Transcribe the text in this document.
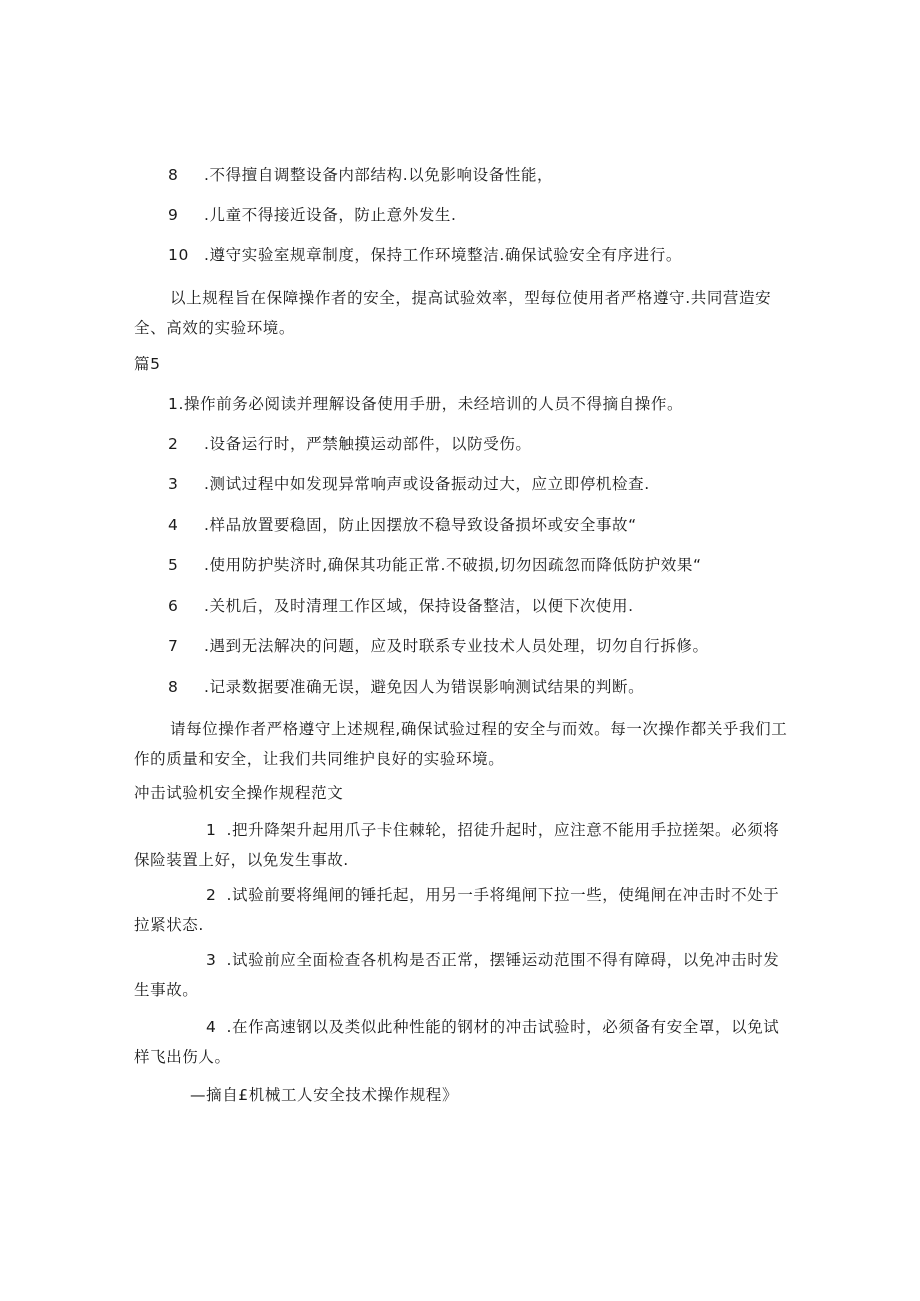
8 .不得擅自调整设备内部结构.以免影响设备性能，
9 .儿童不得接近设备，防止意外发生.
10 .遵守实验室规章制度，保持工作环境整洁.确保试验安全有序进行。
以上规程旨在保障操作者的安全，提高试验效率，型每位使用者严格遵守.共同营造安全、高效的实验环境。
篇5
1.操作前务必阅读并理解设备使用手册，未经培训的人员不得摘自操作。
2 .设备运行时，严禁触摸运动部件，以防受伤。
3 .测试过程中如发现异常响声或设备振动过大，应立即停机检查.
4 .样品放置要稳固，防止因摆放不稳导致设备损坏或安全事故“
5 .使用防护奘济时,确保其功能正常.不破损,切勿因疏忽而降低防护效果“
6 .关机后，及时清理工作区域，保持设备整洁，以便下次使用.
7 .遇到无法解决的问题，应及时联系专业技术人员处理，切勿自行拆修。
8 .记录数据要准确无误，避免因人为错误影响测试结果的判断。
请每位操作者严格遵守上述规程,确保试验过程的安全与而效。每一次操作都关乎我们工作的质量和安全，让我们共同维护良好的实验环境。
冲击试验机安全操作规程范文
1 .把升降架升起用爪子卡住棘轮，招徒升起时，应注意不能用手拉搓架。必须将保险装置上好，以免发生事故.
2 .试验前要将绳闸的锤托起，用另一手将绳闸下拉一些，使绳闸在冲击时不处于拉紧状态.
3 .试验前应全面检查各机构是否正常，摆锤运动范围不得有障碍，以免冲击时发生事故。
4 .在作高速钢以及类似此种性能的钢材的冲击试验时，必须备有安全罩，以免试样飞出伤人。
—摘自£机械工人安全技术操作规程》
